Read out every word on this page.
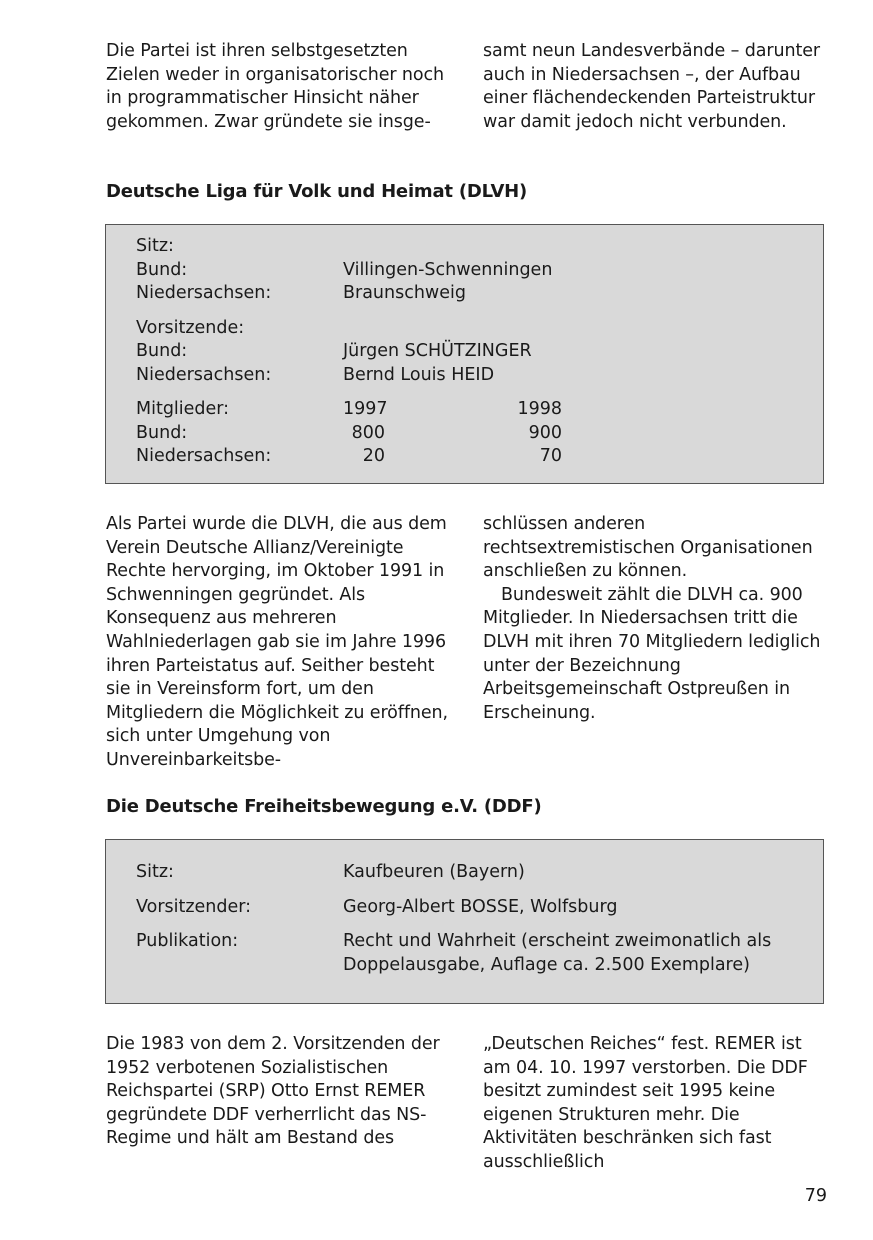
Die Partei ist ihren selbstgesetzten Zielen weder in organisatorischer noch in programmatischer Hinsicht näher gekommen. Zwar gründete sie insge-

samt neun Landesverbände – darunter auch in Niedersachsen –, der Aufbau einer flächendeckenden Parteistruktur war damit jedoch nicht verbunden.

Deutsche Liga für Volk und Heimat (DLVH)
Sitz:
Bund:	Villingen-Schwenningen
Niedersachsen:	Braunschweig
Vorsitzende:
Bund:	Jürgen SCHÜTZINGER
Niedersachsen:	Bernd Louis HEID
Mitglieder:	1997	1998
Bund:	800	900
Niedersachsen:	20	70

Als Partei wurde die DLVH, die aus dem Verein Deutsche Allianz/Vereinigte Rechte hervorging, im Oktober 1991 in Schwenningen gegründet. Als Konsequenz aus mehreren Wahlniederlagen gab sie im Jahre 1996 ihren Parteistatus auf. Seither besteht sie in Vereinsform fort, um den Mitgliedern die Möglichkeit zu eröffnen, sich unter Umgehung von Unvereinbarkeitsbe-

schlüssen anderen rechtsextremistischen Organisationen anschließen zu können.

Bundesweit zählt die DLVH ca. 900 Mitglieder. In Niedersachsen tritt die DLVH mit ihren 70 Mitgliedern lediglich unter der Bezeichnung Arbeitsgemeinschaft Ostpreußen in Erscheinung.

Die Deutsche Freiheitsbewegung e.V. (DDF)
Sitz:	Kaufbeuren (Bayern)
Vorsitzender:	Georg-Albert BOSSE, Wolfsburg
Publikation:	Recht und Wahrheit (erscheint zweimonatlich als Doppelausgabe, Auflage ca. 2.500 Exemplare)

Die 1983 von dem 2. Vorsitzenden der 1952 verbotenen Sozialistischen Reichspartei (SRP) Otto Ernst REMER gegründete DDF verherrlicht das NS-Regime und hält am Bestand des

„Deutschen Reiches“ fest. REMER ist am 04. 10. 1997 verstorben. Die DDF besitzt zumindest seit 1995 keine eigenen Strukturen mehr. Die Aktivitäten beschränken sich fast ausschließlich

79
